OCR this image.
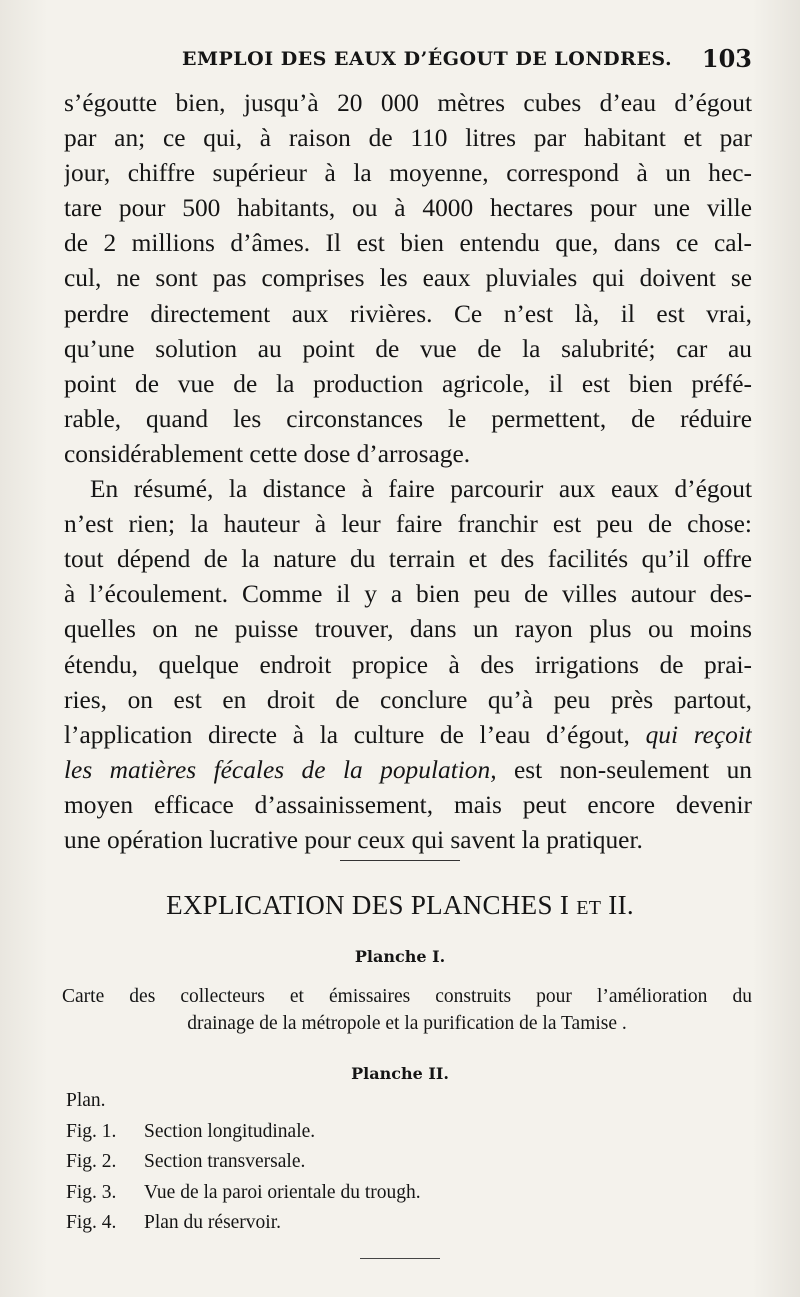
EMPLOI DES EAUX D’ÉGOUT DE LONDRES. 103
s’égoutte bien, jusqu’à 20 000 mètres cubes d’eau d’égout
par an; ce qui, à raison de 110 litres par habitant et par
jour, chiffre supérieur à la moyenne, correspond à un hec-
tare pour 500 habitants, ou à 4000 hectares pour une ville
de 2 millions d’âmes. Il est bien entendu que, dans ce cal-
cul, ne sont pas comprises les eaux pluviales qui doivent se
perdre directement aux rivières. Ce n’est là, il est vrai,
qu’une solution au point de vue de la salubrité; car au
point de vue de la production agricole, il est bien préfé-
rable, quand les circonstances le permettent, de réduire
considérablement cette dose d’arrosage.
En résumé, la distance à faire parcourir aux eaux d’égout
n’est rien; la hauteur à leur faire franchir est peu de chose:
tout dépend de la nature du terrain et des facilités qu’il offre
à l’écoulement. Comme il y a bien peu de villes autour des-
quelles on ne puisse trouver, dans un rayon plus ou moins
étendu, quelque endroit propice à des irrigations de prai-
ries, on est en droit de conclure qu’à peu près partout,
l’application directe à la culture de l’eau d’égout, qui reçoit
les matières fécales de la population, est non-seulement un
moyen efficace d’assainissement, mais peut encore devenir
une opération lucrative pour ceux qui savent la pratiquer.
EXPLICATION DES PLANCHES I ET II.
Planche I.
Carte des collecteurs et émissaires construits pour l’amélioration du
drainage de la métropole et la purification de la Tamise .
Planche II.
Plan.
Fig. 1. Section longitudinale.
Fig. 2. Section transversale.
Fig. 3. Vue de la paroi orientale du trough.
Fig. 4. Plan du réservoir.
